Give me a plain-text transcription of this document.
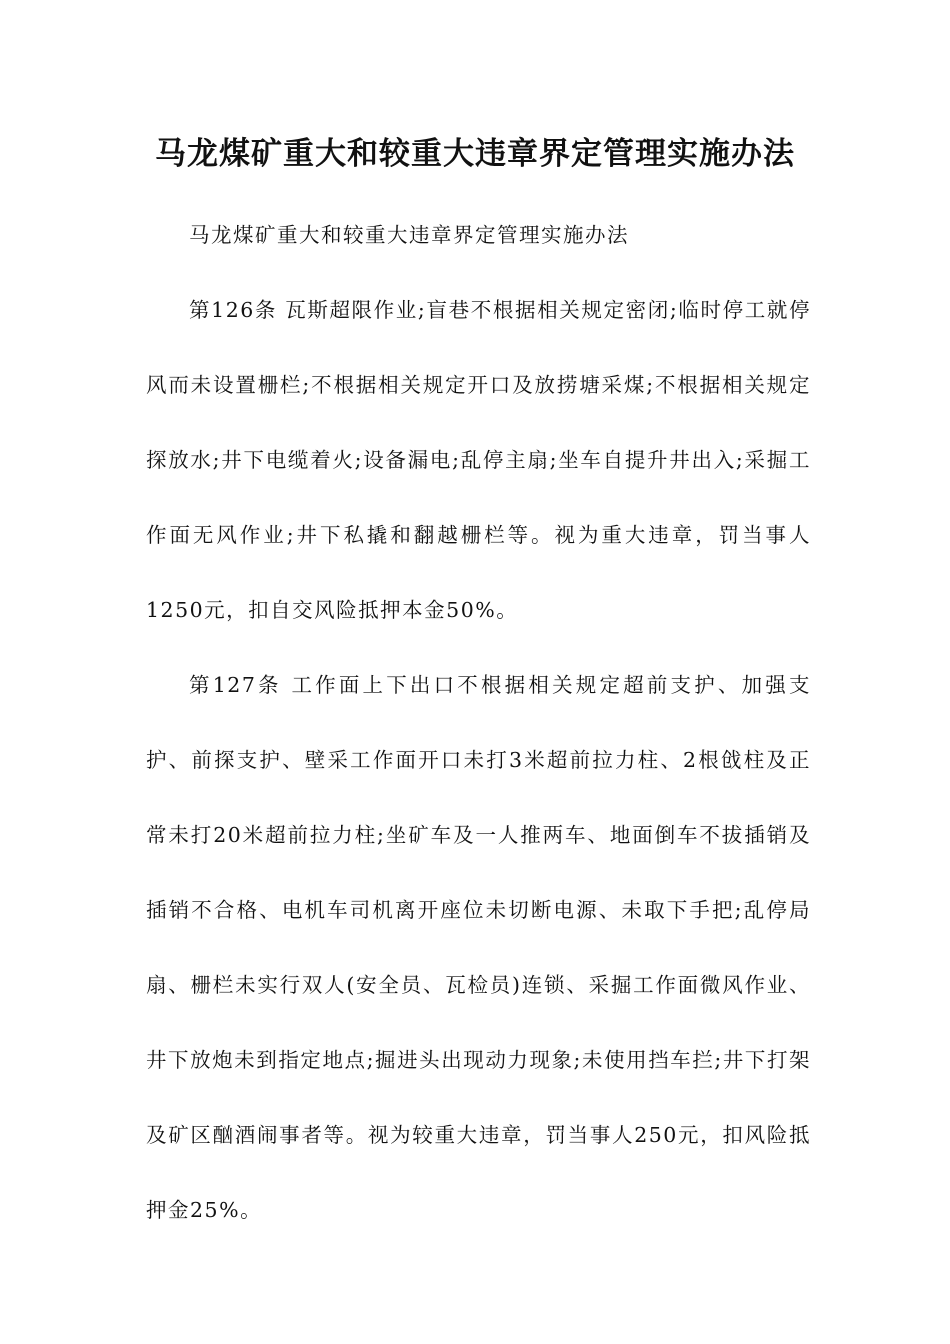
马龙煤矿重大和较重大违章界定管理实施办法

马龙煤矿重大和较重大违章界定管理实施办法

第126条 瓦斯超限作业;盲巷不根据相关规定密闭;临时停工就停风而未设置栅栏;不根据相关规定开口及放捞塘采煤;不根据相关规定探放水;井下电缆着火;设备漏电;乱停主扇;坐车自提升井出入;采掘工作面无风作业;井下私撬和翻越栅栏等。视为重大违章，罚当事人1250元，扣自交风险抵押本金50%。

第127条 工作面上下出口不根据相关规定超前支护、加强支护、前探支护、壁采工作面开口未打3米超前拉力柱、2根戗柱及正常未打20米超前拉力柱;坐矿车及一人推两车、地面倒车不拔插销及插销不合格、电机车司机离开座位未切断电源、未取下手把;乱停局扇、栅栏未实行双人(安全员、瓦检员)连锁、采掘工作面微风作业、井下放炮未到指定地点;掘进头出现动力现象;未使用挡车拦;井下打架及矿区酗酒闹事者等。视为较重大违章，罚当事人250元，扣风险抵押金25%。
